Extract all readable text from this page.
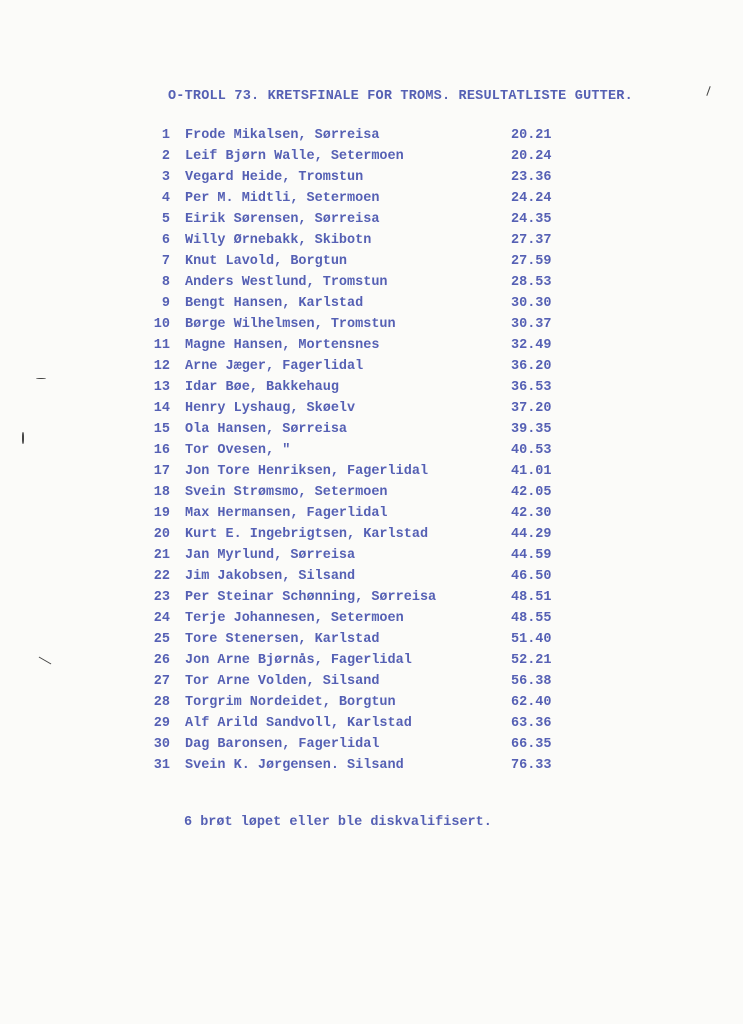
O-TROLL 73. KRETSFINALE FOR TROMS. RESULTATLISTE GUTTER.
1 Frode Mikalsen, Sørreisa	20.21
2 Leif Bjørn Walle, Setermoen	20.24
3 Vegard Heide, Tromstun	23.36
4 Per M. Midtli, Setermoen	24.24
5 Eirik Sørensen, Sørreisa	24.35
6 Willy Ørnebakk, Skibotn	27.37
7 Knut Lavold, Borgtun	27.59
8 Anders Westlund, Tromstun	28.53
9 Bengt Hansen, Karlstad	30.30
10 Børge Wilhelmsen, Tromstun	30.37
11 Magne Hansen, Mortensnes	32.49
12 Arne Jæger, Fagerlidal	36.20
13 Idar Bøe, Bakkehaug	36.53
14 Henry Lyshaug, Skøelv	37.20
15 Ola Hansen, Sørreisa	39.35
16 Tor Ovesen, "	40.53
17 Jon Tore Henriksen, Fagerlidal	41.01
18 Svein Strømsmo, Setermoen	42.05
19 Max Hermansen, Fagerlidal	42.30
20 Kurt E. Ingebrigtsen, Karlstad	44.29
21 Jan Myrlund, Sørreisa	44.59
22 Jim Jakobsen, Silsand	46.50
23 Per Steinar Schønning, Sørreisa	48.51
24 Terje Johannesen, Setermoen	48.55
25 Tore Stenersen, Karlstad	51.40
26 Jon Arne Bjørnås, Fagerlidal	52.21
27 Tor Arne Volden, Silsand	56.38
28 Torgrim Nordeidet, Borgtun	62.40
29 Alf Arild Sandvoll, Karlstad	63.36
30 Dag Baronsen, Fagerlidal	66.35
31 Svein K. Jørgensen. Silsand	76.33
6 brøt løpet eller ble diskvalifisert.
